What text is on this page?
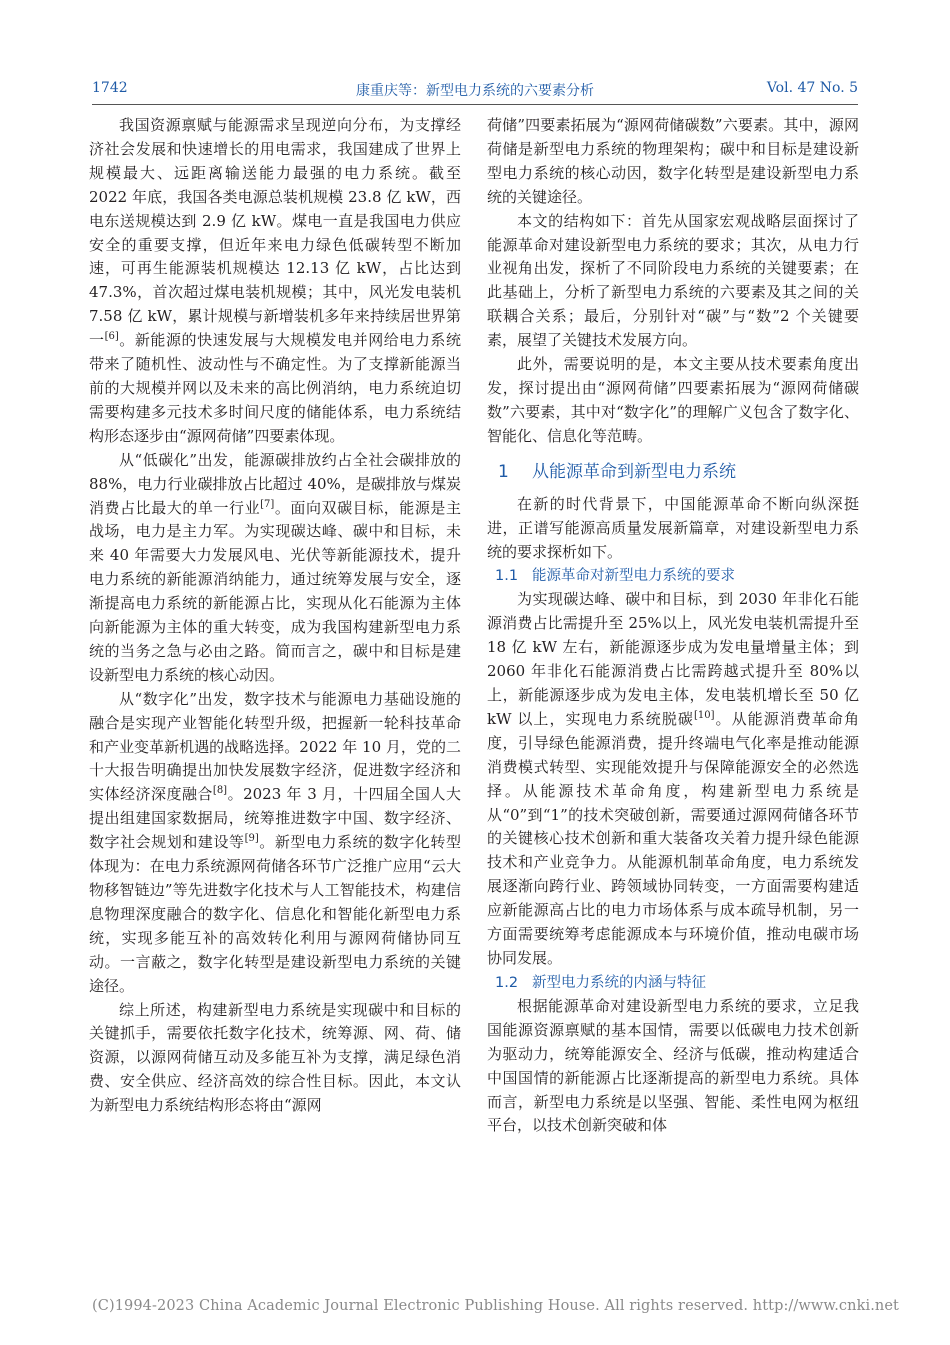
1742	康重庆等：新型电力系统的六要素分析	Vol. 47 No. 5

我国资源禀赋与能源需求呈现逆向分布，为支撑经济社会发展和快速增长的用电需求，我国建成了世界上规模最大、远距离输送能力最强的电力系统。截至 2022 年底，我国各类电源总装机规模 23.8 亿 kW，西电东送规模达到 2.9 亿 kW。煤电一直是我国电力供应安全的重要支撑，但近年来电力绿色低碳转型不断加速，可再生能源装机规模达 12.13 亿 kW，占比达到 47.3%，首次超过煤电装机规模；其中，风光发电装机 7.58 亿 kW，累计规模与新增装机多年来持续居世界第一[6]。新能源的快速发展与大规模发电并网给电力系统带来了随机性、波动性与不确定性。为了支撑新能源当前的大规模并网以及未来的高比例消纳，电力系统迫切需要构建多元技术多时间尺度的储能体系，电力系统结构形态逐步由“源网荷储”四要素体现。

从“低碳化”出发，能源碳排放约占全社会碳排放的 88%，电力行业碳排放占比超过 40%，是碳排放与煤炭消费占比最大的单一行业[7]。面向双碳目标，能源是主战场，电力是主力军。为实现碳达峰、碳中和目标，未来 40 年需要大力发展风电、光伏等新能源技术，提升电力系统的新能源消纳能力，通过统筹发展与安全，逐渐提高电力系统的新能源占比，实现从化石能源为主体向新能源为主体的重大转变，成为我国构建新型电力系统的当务之急与必由之路。简而言之，碳中和目标是建设新型电力系统的核心动因。

从“数字化”出发，数字技术与能源电力基础设施的融合是实现产业智能化转型升级，把握新一轮科技革命和产业变革新机遇的战略选择。2022 年 10 月，党的二十大报告明确提出加快发展数字经济，促进数字经济和实体经济深度融合[8]。2023 年 3 月，十四届全国人大提出组建国家数据局，统筹推进数字中国、数字经济、数字社会规划和建设等[9]。新型电力系统的数字化转型体现为：在电力系统源网荷储各环节广泛推广应用“云大物移智链边”等先进数字化技术与人工智能技术，构建信息物理深度融合的数字化、信息化和智能化新型电力系统，实现多能互补的高效转化利用与源网荷储协同互动。一言蔽之，数字化转型是建设新型电力系统的关键途径。

综上所述，构建新型电力系统是实现碳中和目标的关键抓手，需要依托数字化技术，统筹源、网、荷、储资源，以源网荷储互动及多能互补为支撑，满足绿色消费、安全供应、经济高效的综合性目标。因此，本文认为新型电力系统结构形态将由“源网

荷储”四要素拓展为“源网荷储碳数”六要素。其中，源网荷储是新型电力系统的物理架构；碳中和目标是建设新型电力系统的核心动因，数字化转型是建设新型电力系统的关键途径。

本文的结构如下：首先从国家宏观战略层面探讨了能源革命对建设新型电力系统的要求；其次，从电力行业视角出发，探析了不同阶段电力系统的关键要素；在此基础上，分析了新型电力系统的六要素及其之间的关联耦合关系；最后，分别针对“碳”与“数”2 个关键要素，展望了关键技术发展方向。

此外，需要说明的是，本文主要从技术要素角度出发，探讨提出由“源网荷储”四要素拓展为“源网荷储碳数”六要素，其中对“数字化”的理解广义包含了数字化、智能化、信息化等范畴。

1 从能源革命到新型电力系统

在新的时代背景下，中国能源革命不断向纵深挺进，正谱写能源高质量发展新篇章，对建设新型电力系统的要求探析如下。

1.1 能源革命对新型电力系统的要求

为实现碳达峰、碳中和目标，到 2030 年非化石能源消费占比需提升至 25%以上，风光发电装机需提升至 18 亿 kW 左右，新能源逐步成为发电量增量主体；到 2060 年非化石能源消费占比需跨越式提升至 80%以上，新能源逐步成为发电主体，发电装机增长至 50 亿 kW 以上，实现电力系统脱碳[10]。从能源消费革命角度，引导绿色能源消费，提升终端电气化率是推动能源消费模式转型、实现能效提升与保障能源安全的必然选择。从能源技术革命角度，构建新型电力系统是从“0”到“1”的技术突破创新，需要通过源网荷储各环节的关键核心技术创新和重大装备攻关着力提升绿色能源技术和产业竞争力。从能源机制革命角度，电力系统发展逐渐向跨行业、跨领域协同转变，一方面需要构建适应新能源高占比的电力市场体系与成本疏导机制，另一方面需要统筹考虑能源成本与环境价值，推动电碳市场协同发展。

1.2 新型电力系统的内涵与特征

根据能源革命对建设新型电力系统的要求，立足我国能源资源禀赋的基本国情，需要以低碳电力技术创新为驱动力，统筹能源安全、经济与低碳，推动构建适合中国国情的新能源占比逐渐提高的新型电力系统。具体而言，新型电力系统是以坚强、智能、柔性电网为枢纽平台，以技术创新突破和体

(C)1994-2023 China Academic Journal Electronic Publishing House. All rights reserved. http://www.cnki.net
